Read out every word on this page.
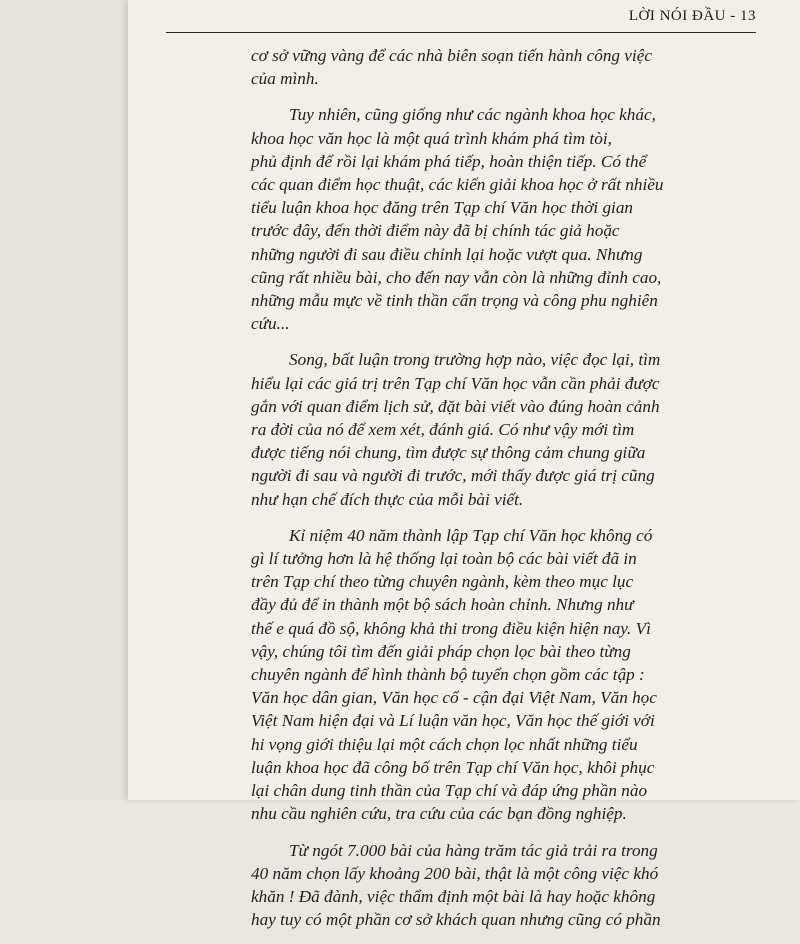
LỜI NÓI ĐẦU - 13
cơ sở vững vàng để các nhà biên soạn tiến hành công việc
của mình.
Tuy nhiên, cũng giống như các ngành khoa học khác,
khoa học văn học là một quá trình khám phá tìm tòi,
phủ định để rồi lại khám phá tiếp, hoàn thiện tiếp. Có thể
các quan điểm học thuật, các kiến giải khoa học ở rất nhiều
tiểu luận khoa học đăng trên Tạp chí Văn học thời gian
trước đây, đến thời điểm này đã bị chính tác giả hoặc
những người đi sau điều chỉnh lại hoặc vượt qua. Nhưng
cũng rất nhiều bài, cho đến nay vẫn còn là những đỉnh cao,
những mẫu mực về tinh thần cẩn trọng và công phu nghiên
cứu...
Song, bất luận trong trường hợp nào, việc đọc lại, tìm
hiểu lại các giá trị trên Tạp chí Văn học vẫn cần phải được
gắn với quan điểm lịch sử, đặt bài viết vào đúng hoàn cảnh
ra đời của nó để xem xét, đánh giá. Có như vậy mới tìm
được tiếng nói chung, tìm được sự thông cảm chung giữa
người đi sau và người đi trước, mới thấy được giá trị cũng
như hạn chế đích thực của mỗi bài viết.
Kỉ niệm 40 năm thành lập Tạp chí Văn học không có
gì lí tưởng hơn là hệ thống lại toàn bộ các bài viết đã in
trên Tạp chí theo từng chuyên ngành, kèm theo mục lục
đầy đủ để in thành một bộ sách hoàn chỉnh. Nhưng như
thế e quá đồ sộ, không khả thi trong điều kiện hiện nay. Vì
vậy, chúng tôi tìm đến giải pháp chọn lọc bài theo từng
chuyên ngành để hình thành bộ tuyển chọn gồm các tập :
Văn học dân gian, Văn học cổ - cận đại Việt Nam, Văn học
Việt Nam hiện đại và Lí luận văn học, Văn học thế giới với
hi vọng giới thiệu lại một cách chọn lọc nhất những tiểu
luận khoa học đã công bố trên Tạp chí Văn học, khôi phục
lại chân dung tinh thần của Tạp chí và đáp ứng phần nào
nhu cầu nghiên cứu, tra cứu của các bạn đồng nghiệp.
Từ ngót 7.000 bài của hàng trăm tác giả trải ra trong
40 năm chọn lấy khoảng 200 bài, thật là một công việc khó
khăn ! Đã đành, việc thẩm định một bài là hay hoặc không
hay tuy có một phần cơ sở khách quan nhưng cũng có phần
